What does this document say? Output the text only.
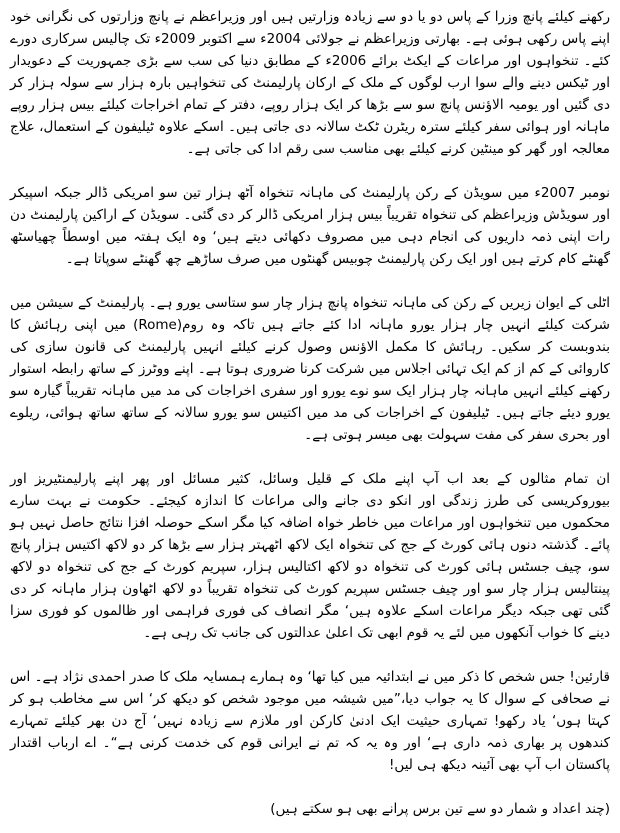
رکھنے کیلئے پانچ وزرا کے پاس دو یا دو سے زیادہ وزارتیں ہیں اور وزیراعظم نے پانچ وزارتوں کی نگرانی خود اپنے پاس رکھی ہوئی ہے۔ بھارتی وزیراعظم نے جولائی 2004ء سے اکتوبر 2009ء تک چالیس سرکاری دورے کئے۔ تنخواہوں اور مراعات کے ایکٹ برائے 2006ء کے مطابق دنیا کی سب سے بڑی جمہوریت کے دعویدار اور ٹیکس دینے والے سوا ارب لوگوں کے ملک کے ارکان پارلیمنٹ کی تنخواہیں بارہ ہزار سے سولہ ہزار کر دی گئیں اور یومیہ الاؤنس پانچ سو سے بڑھا کر ایک ہزار روپے، دفتر کے تمام اخراجات کیلئے بیس ہزار روپے ماہانہ اور ہوائی سفر کیلئے سترہ ریٹرن ٹکٹ سالانہ دی جاتی ہیں۔ اسکے علاوہ ٹیلیفون کے استعمال، علاج معالجہ اور گھر کو مینٹین کرنے کیلئے بھی مناسب سی رقم ادا کی جاتی ہے۔

نومبر 2007ء میں سویڈن کے رکن پارلیمنٹ کی ماہانہ تنخواہ آٹھ ہزار تین سو امریکی ڈالر جبکہ اسپیکر اور سویڈش وزیراعظم کی تنخواہ تقریباً بیس ہزار امریکی ڈالر کر دی گئی۔ سویڈن کے اراکین پارلیمنٹ دن رات اپنی ذمہ داریوں کی انجام دہی میں مصروف دکھائی دیتے ہیں‘ وہ ایک ہفتہ میں اوسطاً چھیاسٹھ گھنٹے کام کرتے ہیں اور ایک رکن پارلیمنٹ چوبیس گھنٹوں میں صرف ساڑھے چھ گھنٹے سوپاتا ہے۔

اٹلی کے ایوان زیریں کے رکن کی ماہانہ تنخواہ پانچ ہزار چار سو ستاسی یورو ہے۔ پارلیمنٹ کے سیشن میں شرکت کیلئے انہیں چار ہزار یورو ماہانہ ادا کئے جاتے ہیں تاکہ وہ روم(Rome) میں اپنی رہائش کا بندوبست کر سکیں۔ رہائش کا مکمل الاؤنس وصول کرنے کیلئے انہیں پارلیمنٹ کی قانون سازی کی کاروائی کے کم از کم ایک تہائی اجلاس میں شرکت کرنا ضروری ہوتا ہے۔ اپنے ووٹرز کے ساتھ رابطہ استوار رکھنے کیلئے انہیں ماہانہ چار ہزار ایک سو نوے یورو اور سفری اخراجات کی مد میں ماہانہ تقریباً گیارہ سو یورو دیئے جاتے ہیں۔ ٹیلیفون کے اخراجات کی مد میں اکتیس سو یورو سالانہ کے ساتھ ساتھ ہوائی، ریلوے اور بحری سفر کی مفت سہولت بھی میسر ہوتی ہے۔

ان تمام مثالوں کے بعد اب آپ اپنے ملک کے قلیل وسائل، کثیر مسائل اور پھر اپنے پارلیمنٹیریز اور بیوروکریسی کی طرز زندگی اور انکو دی جانے والی مراعات کا اندازہ کیجئے۔ حکومت نے بہت سارے محکموں میں تنخواہوں اور مراعات میں خاطر خواہ اضافہ کیا مگر اسکے حوصلہ افزا نتائج حاصل نہیں ہو پائے۔ گذشتہ دنوں ہائی کورٹ کے جج کی تنخواہ ایک لاکھ اٹھہتر ہزار سے بڑھا کر دو لاکھ اکتیس ہزار پانچ سو، چیف جسٹس ہائی کورٹ کی تنخواہ دو لاکھ اکتالیس ہزار، سپریم کورٹ کے جج کی تنخواہ دو لاکھ پینتالیس ہزار چار سو اور چیف جسٹس سپریم کورٹ کی تنخواہ تقریباً دو لاکھ اٹھاون ہزار ماہانہ کر دی گئی تھی جبکہ دیگر مراعات اسکے علاوہ ہیں‘ مگر انصاف کی فوری فراہمی اور ظالموں کو فوری سزا دینے کا خواب آنکھوں میں لئے یہ قوم ابھی تک اعلیٰ عدالتوں کی جانب تک رہی ہے۔

قارئین! جس شخص کا ذکر میں نے ابتدائیہ میں کیا تھا‘ وہ ہمارے ہمسایہ ملک کا صدر احمدی نژاد ہے۔ اس نے صحافی کے سوال کا یہ جواب دیا،”میں شیشہ میں موجود شخص کو دیکھ کر‘ اس سے مخاطب ہو کر کہتا ہوں‘ یاد رکھو! تمہاری حیثیت ایک ادنیٰ کارکن اور ملازم سے زیادہ نہیں‘ آج دن بھر کیلئے تمہارے کندھوں پر بھاری ذمہ داری ہے‘ اور وہ یہ کہ تم نے ایرانی قوم کی خدمت کرنی ہے“۔ اے ارباب اقتدار پاکستان اب آپ بھی آئینہ دیکھ ہی لیں!

(چند اعداد و شمار دو سے تین برس پرانے بھی ہو سکتے ہیں)
